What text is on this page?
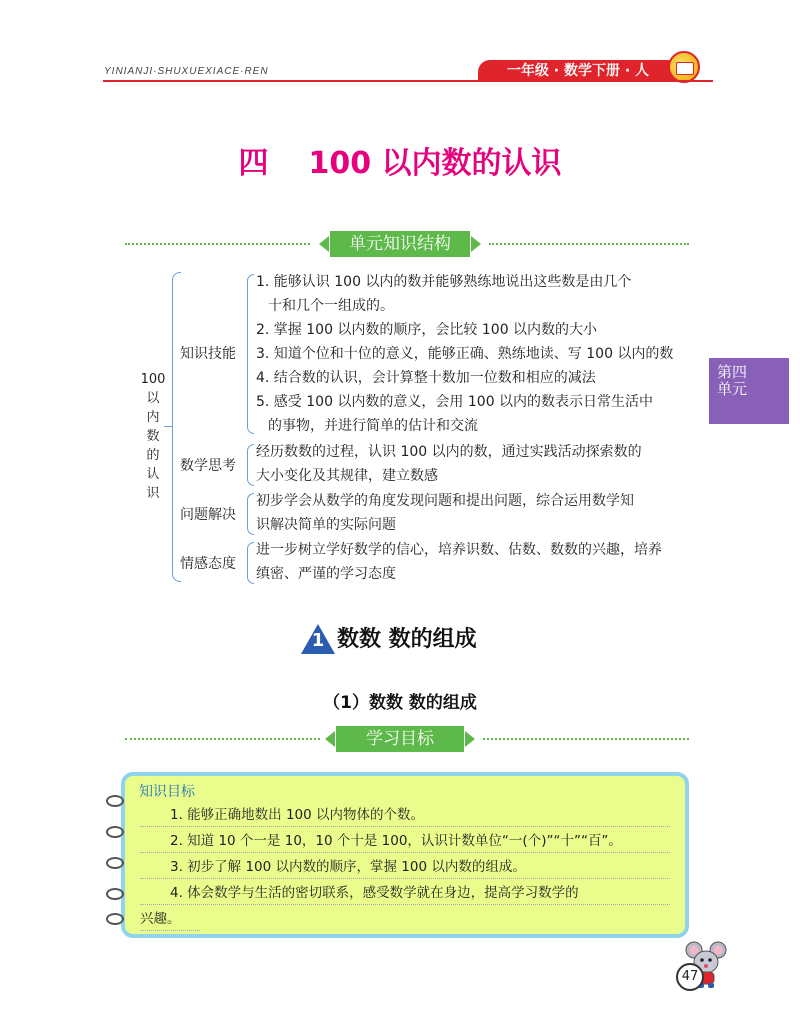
YINIANJI·SHUXUEXIACE·REN	一年级 · 数学下册 · 人
四 100 以内数的认识
单元知识结构
100
以
内
数
的
认
识
知识技能
1. 能够认识 100 以内的数并能够熟练地说出这些数是由几个
十和几个一组成的。
2. 掌握 100 以内数的顺序，会比较 100 以内数的大小
3. 知道个位和十位的意义，能够正确、熟练地读、写 100 以内的数
4. 结合数的认识，会计算整十数加一位数和相应的减法
5. 感受 100 以内数的意义，会用 100 以内的数表示日常生活中
的事物，并进行简单的估计和交流
数学思考
经历数数的过程，认识 100 以内的数，通过实践活动探索数的
大小变化及其规律，建立数感
问题解决
初步学会从数学的角度发现问题和提出问题，综合运用数学知
识解决简单的实际问题
情感态度
进一步树立学好数学的信心，培养识数、估数、数数的兴趣，培养
缜密、严谨的学习态度
第四
单元
1 数数 数的组成
（1）数数 数的组成
学习目标
知识目标
1. 能够正确地数出 100 以内物体的个数。
2. 知道 10 个一是 10，10 个十是 100，认识计数单位“一(个)”“十”“百”。
3. 初步了解 100 以内数的顺序，掌握 100 以内数的组成。
4. 体会数学与生活的密切联系，感受数学就在身边，提高学习数学的
兴趣。
47
